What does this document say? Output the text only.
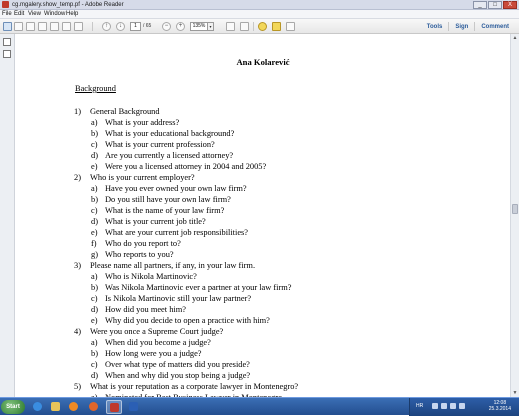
cg.mgalery.show_temp.pf - Adobe Reader	_	□	X
File Edit View Window Help
↑	↓	1	/ 65	−	+	135%	▾	Tools	Sign	Comment
Ana Kolarević
Background
1) General Background
a) What is your address?
b) What is your educational background?
c) What is your current profession?
d) Are you currently a licensed attorney?
e) Were you a licensed attorney in 2004 and 2005?
2) Who is your current employer?
a) Have you ever owned your own law firm?
b) Do you still have your own law firm?
c) What is the name of your law firm?
d) What is your current job title?
e) What are your current job responsibilities?
f) Who do you report to?
g) Who reports to you?
3) Please name all partners, if any, in your law firm.
a) Who is Nikola Martinovic?
b) Was Nikola Martinovic ever a partner at your law firm?
c) Is Nikola Martinovic still your law partner?
d) How did you meet him?
e) Why did you decide to open a practice with him?
4) Were you once a Supreme Court judge?
a) When did you become a judge?
b) How long were you a judge?
c) Over what type of matters did you preside?
d) When and why did you stop being a judge?
5) What is your reputation as a corporate lawyer in Montenegro?
▲
▼
Start	HR	12:08
25.3.2014
